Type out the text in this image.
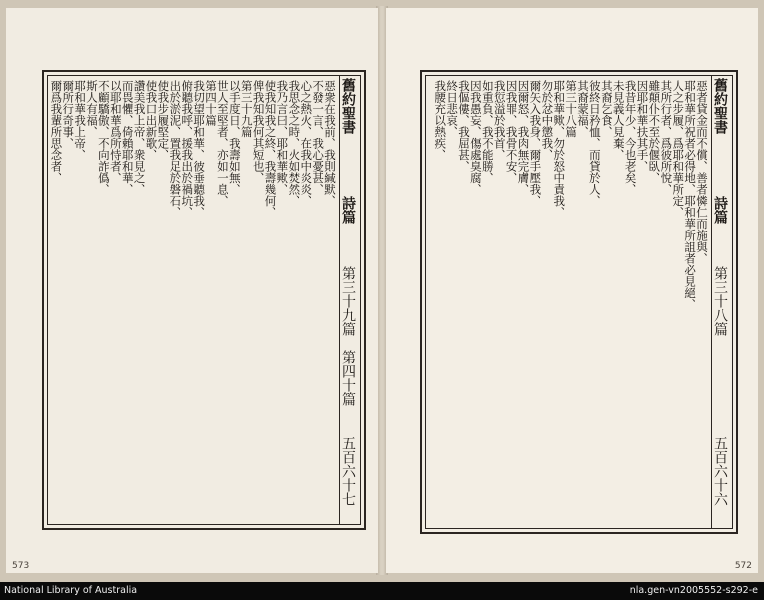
舊約聖書
詩篇
第三十九篇　第四十篇
五百六十七
惡衆在我前、我則緘默、
不發一言、我心憂甚、
心之熱火、在我中炎炎、
我思念之時、火如焚然、
我乃言曰、耶和華歟、
使我知我之終、我壽幾何、
俾我知我何其短也、
第三十九篇
以手度日、我壽如無、
世人至堅者、亦如一息、
第四十篇
我切望耶和華、彼垂聽我、
俯聽我呼、援我出於禍坑、
出於淤泥、置我足於磐石、
使我步履堅定、
使我口出新歌、
讚美我上帝、衆見之、
而畏懼、倚賴耶和華、
以耶和華爲所恃者、
不顧驕傲、不向詐僞、
斯人有福、
耶和華我上帝、
爾所行奇事、
爾爲我輩所思念者、
573
舊約聖書
詩篇
第三十八篇
五百六十六
惡者貸金而不償、善者憐仁而施與、
耶和華所祝者必得地、耶和華所詛者必見絕、
人之步履、爲耶和華所定、
其所行者、爲彼所悅、
雖顛仆不至於偃臥、
因耶和華扶其手、
我昔年少、今也老矣、
未見義人見棄、
其裔乞食、
彼終日矜恤、而貸於人、
其裔蒙福、
第三十八篇
耶和華歟、勿於怒中責我、
勿於忿中懲我、
爾矢入我身、爾手壓我、
因爾怒、我肉無完膚、
因我罪、我骨不安、
我愆溢於我首、
如重負、我不能勝、
因我愚妄、傷處臭腐、
我傴僂、我屈甚、
終日悲哀、
我腰充以熱疾、
572
National Library of Australia	nla.gen-vn2005552-s292-e
